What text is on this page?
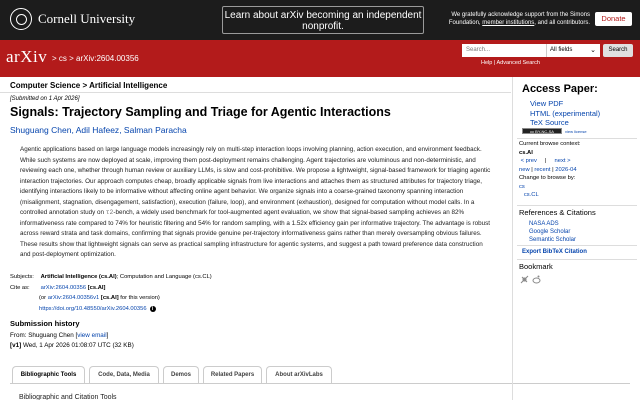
Cornell University	Learn about arXiv becoming an independent nonprofit.
We gratefully acknowledge support from the Simons Foundation, member institutions, and all contributors.	Donate
arXiv > cs > arXiv:2604.00356
Search...	All fields	⌄	Search
Help | Advanced Search
Computer Science > Artificial Intelligence
[Submitted on 1 Apr 2026]
Signals: Trajectory Sampling and Triage for Agentic Interactions
Shuguang Chen, Adil Hafeez, Salman Paracha
Agentic applications based on large language models increasingly rely on multi-step interaction loops involving planning, action execution, and environment feedback. While such systems are now deployed at scale, improving them post-deployment remains challenging. Agent trajectories are voluminous and non-deterministic, and reviewing each one, whether through human review or auxiliary LLMs, is slow and cost-prohibitive. We propose a lightweight, signal-based framework for triaging agentic interaction trajectories. Our approach computes cheap, broadly applicable signals from live interactions and attaches them as structured attributes for trajectory triage, identifying interactions likely to be informative without affecting online agent behavior. We organize signals into a coarse-grained taxonomy spanning interaction (misalignment, stagnation, disengagement, satisfaction), execution (failure, loop), and environment (exhaustion), designed for computation without model calls. In a controlled annotation study on τ2-bench, a widely used benchmark for tool-augmented agent evaluation, we show that signal-based sampling achieves an 82% informativeness rate compared to 74% for heuristic filtering and 54% for random sampling, with a 1.52x efficiency gain per informative trajectory. The advantage is robust across reward strata and task domains, confirming that signals provide genuine per-trajectory informativeness gains rather than merely oversampling obvious failures. These results show that lightweight signals can serve as practical sampling infrastructure for agentic systems, and suggest a path toward preference data construction and post-deployment optimization.
Subjects: Artificial Intelligence (cs.AI); Computation and Language (cs.CL)
Cite as: arXiv:2604.00356 [cs.AI]
(or arXiv:2604.00356v1 [cs.AI] for this version)
https://doi.org/10.48550/arXiv.2604.00356 i
Submission history
From: Shuguang Chen [view email]
[v1] Wed, 1 Apr 2026 01:08:07 UTC (32 KB)
Bibliographic Tools	Code, Data, Media	Demos	Related Papers	About arXivLabs
Bibliographic and Citation Tools
Access Paper:
View PDF
HTML (experimental)
TeX Source
cc BY-NC-SA	view license
Current browse context:
cs.AI
< prev | next >
new | recent | 2026-04
Change to browse by:
cs
cs.CL
References & Citations
NASA ADS
Google Scholar
Semantic Scholar
Export BibTeX Citation
Bookmark
